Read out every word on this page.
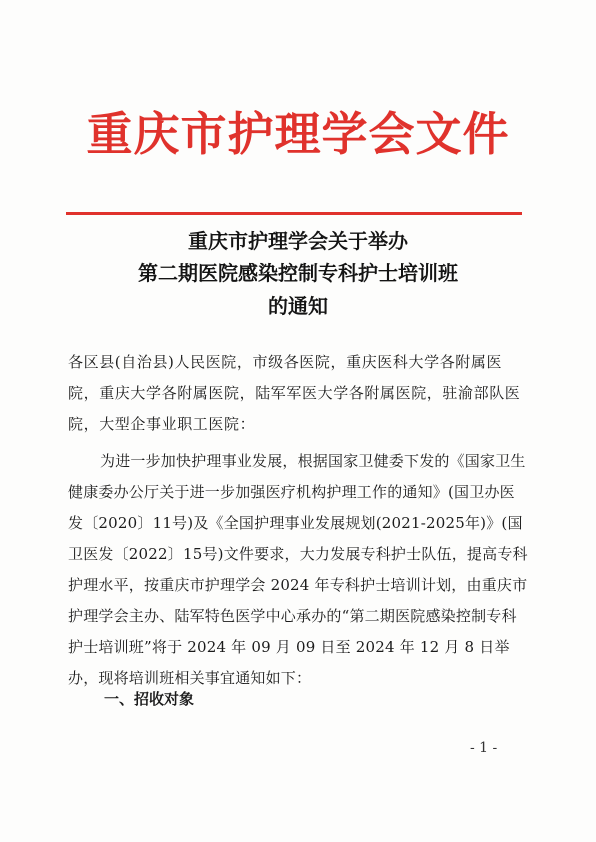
重庆市护理学会文件
重庆市护理学会关于举办
第二期医院感染控制专科护士培训班
的通知
各区县(自治县)人民医院，市级各医院，重庆医科大学各附属医院，重庆大学各附属医院，陆军军医大学各附属医院，驻渝部队医院，大型企事业职工医院：
为进一步加快护理事业发展，根据国家卫健委下发的《国家卫生健康委办公厅关于进一步加强医疗机构护理工作的通知》(国卫办医发〔2020〕11号)及《全国护理事业发展规划(2021-2025年)》(国卫医发〔2022〕15号)文件要求，大力发展专科护士队伍，提高专科护理水平，按重庆市护理学会 2024 年专科护士培训计划，由重庆市护理学会主办、陆军特色医学中心承办的“第二期医院感染控制专科护士培训班”将于 2024 年 09 月 09 日至 2024 年 12 月 8 日举办，现将培训班相关事宜通知如下：
一、招收对象
- 1 -
